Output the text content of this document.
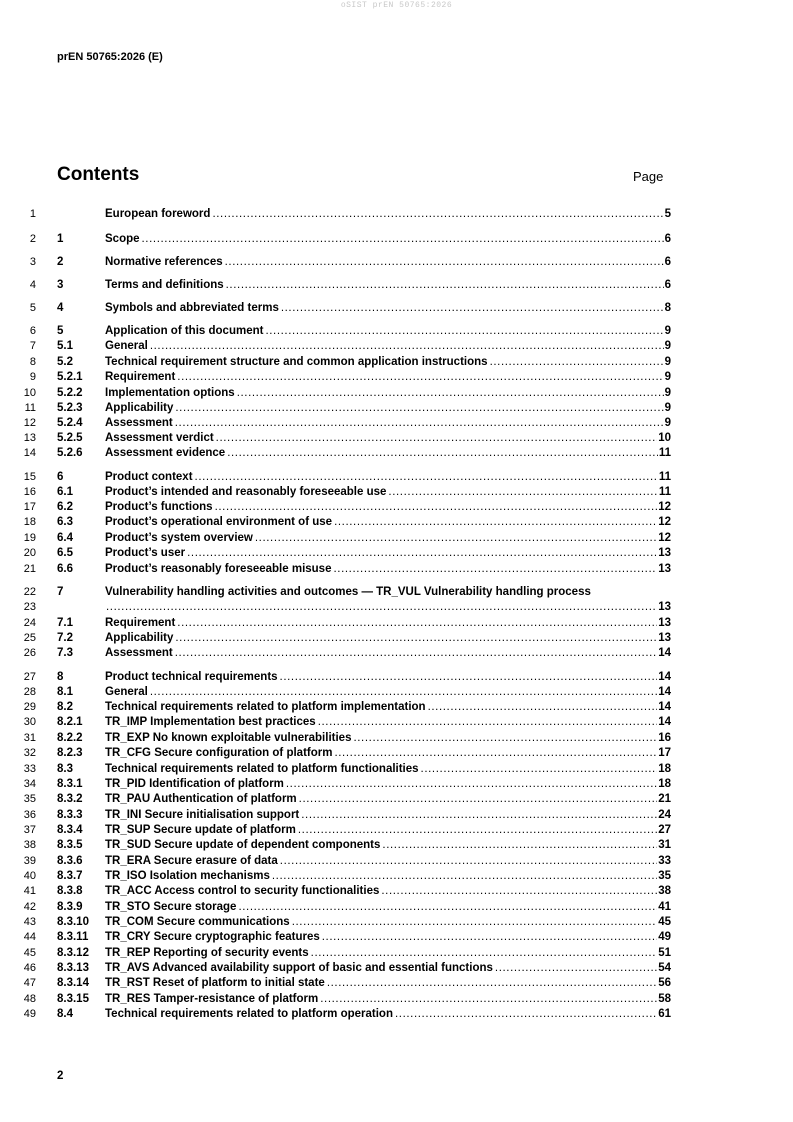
oSIST prEN 50765:2026
prEN 50765:2026 (E)
Contents	Page
1	European foreword .....	5
2 1	Scope .....	6
3 2	Normative references .....	6
4 3	Terms and definitions .....	6
5 4	Symbols and abbreviated terms .....	8
6 5	Application of this document .....	9
7 5.1	General .....	9
8 5.2	Technical requirement structure and common application instructions .....	9
9 5.2.1 Requirement .....	9
10 5.2.2 Implementation options .....	9
11 5.2.3 Applicability .....	9
12 5.2.4 Assessment .....	9
13 5.2.5 Assessment verdict .....	10
14 5.2.6 Assessment evidence .....	11
15 6	Product context .....	11
16 6.1	Product’s intended and reasonably foreseeable use .....	11
17 6.2	Product’s functions .....	12
18 6.3	Product’s operational environment of use .....	12
19 6.4	Product’s system overview .....	12
20 6.5	Product’s user .....	13
21 6.6	Product’s reasonably foreseeable misuse .....	13
22 7	Vulnerability handling activities and outcomes — TR_VUL Vulnerability handling process
23 .....	13
24 7.1	Requirement .....	13
25 7.2	Applicability .....	13
26 7.3	Assessment .....	14
27 8	Product technical requirements .....	14
28 8.1	General .....	14
29 8.2	Technical requirements related to platform implementation .....	14
30 8.2.1 TR_IMP Implementation best practices .....	14
31 8.2.2 TR_EXP No known exploitable vulnerabilities .....	16
32 8.2.3 TR_CFG Secure configuration of platform .....	17
33 8.3	Technical requirements related to platform functionalities .....	18
34 8.3.1 TR_PID Identification of platform .....	18
35 8.3.2 TR_PAU Authentication of platform .....	21
36 8.3.3 TR_INI Secure initialisation support .....	24
37 8.3.4 TR_SUP Secure update of platform .....	27
38 8.3.5 TR_SUD Secure update of dependent components .....	31
39 8.3.6 TR_ERA Secure erasure of data .....	33
40 8.3.7 TR_ISO Isolation mechanisms .....	35
41 8.3.8 TR_ACC Access control to security functionalities .....	38
42 8.3.9 TR_STO Secure storage .....	41
43 8.3.10 TR_COM Secure communications .....	45
44 8.3.11 TR_CRY Secure cryptographic features .....	49
45 8.3.12 TR_REP Reporting of security events .....	51
46 8.3.13 TR_AVS Advanced availability support of basic and essential functions .....	54
47 8.3.14 TR_RST Reset of platform to initial state .....	56
48 8.3.15 TR_RES Tamper-resistance of platform .....	58
49 8.4	Technical requirements related to platform operation .....	61
2
